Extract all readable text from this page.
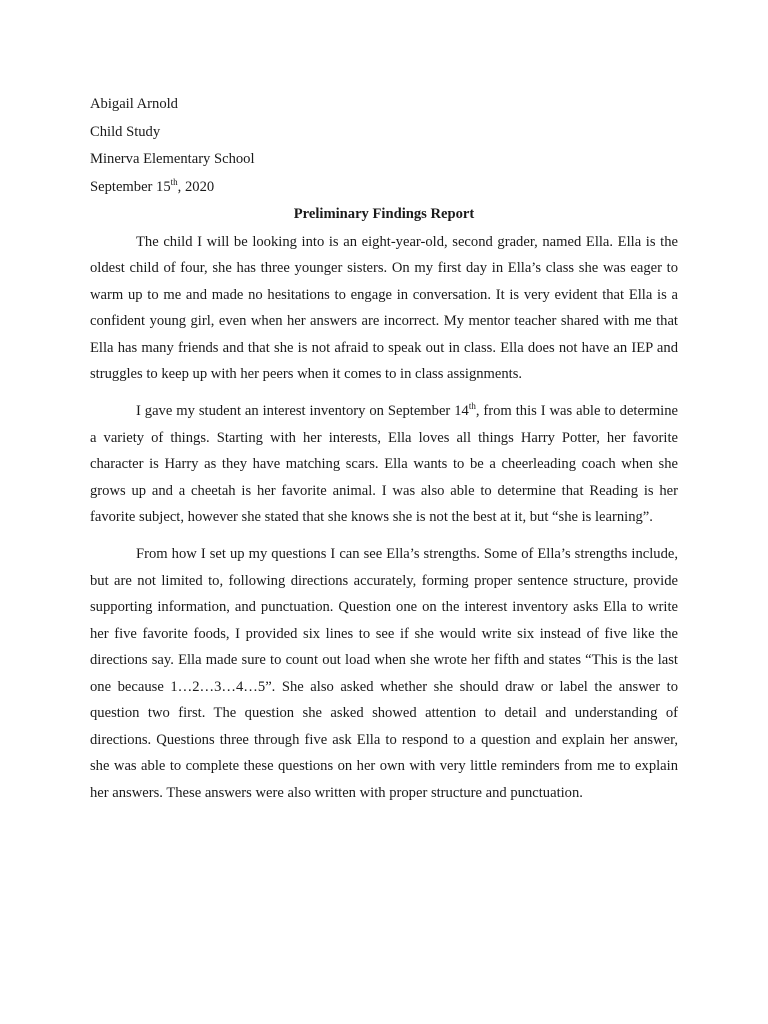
Abigail Arnold

Child Study

Minerva Elementary School

September 15th, 2020

Preliminary Findings Report

The child I will be looking into is an eight-year-old, second grader, named Ella. Ella is the oldest child of four, she has three younger sisters. On my first day in Ella’s class she was eager to warm up to me and made no hesitations to engage in conversation. It is very evident that Ella is a confident young girl, even when her answers are incorrect. My mentor teacher shared with me that Ella has many friends and that she is not afraid to speak out in class. Ella does not have an IEP and struggles to keep up with her peers when it comes to in class assignments.

I gave my student an interest inventory on September 14th, from this I was able to determine a variety of things. Starting with her interests, Ella loves all things Harry Potter, her favorite character is Harry as they have matching scars. Ella wants to be a cheerleading coach when she grows up and a cheetah is her favorite animal. I was also able to determine that Reading is her favorite subject, however she stated that she knows she is not the best at it, but “she is learning”.

From how I set up my questions I can see Ella’s strengths. Some of Ella’s strengths include, but are not limited to, following directions accurately, forming proper sentence structure, provide supporting information, and punctuation. Question one on the interest inventory asks Ella to write her five favorite foods, I provided six lines to see if she would write six instead of five like the directions say. Ella made sure to count out load when she wrote her fifth and states “This is the last one because 1…2…3…4…5”. She also asked whether she should draw or label the answer to question two first. The question she asked showed attention to detail and understanding of directions. Questions three through five ask Ella to respond to a question and explain her answer, she was able to complete these questions on her own with very little reminders from me to explain her answers. These answers were also written with proper structure and punctuation.
